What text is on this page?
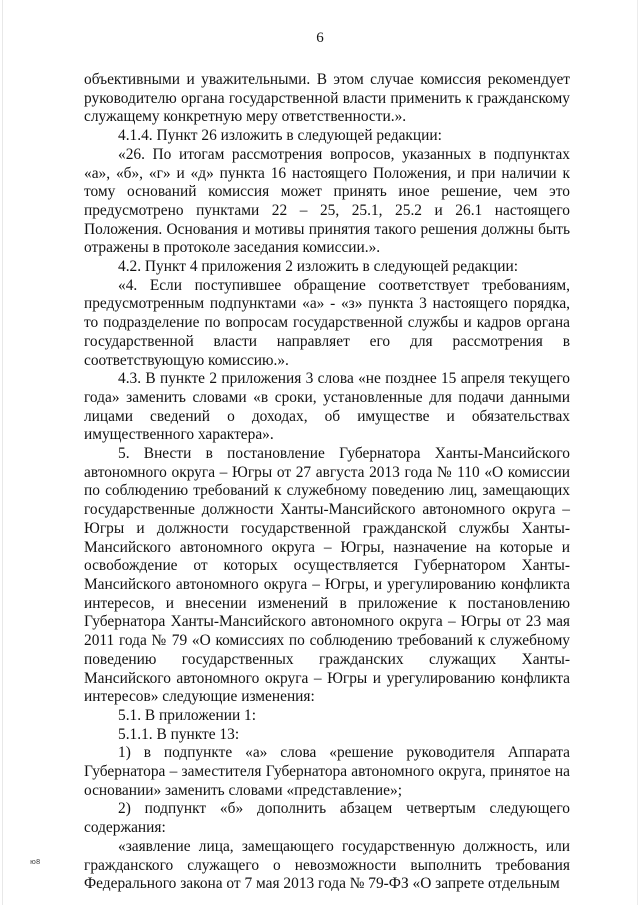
6

объективными и уважительными. В этом случае комиссия рекомендует руководителю органа государственной власти применить к гражданскому служащему конкретную меру ответственности.».

4.1.4. Пункт 26 изложить в следующей редакции:

«26. По итогам рассмотрения вопросов, указанных в подпунктах «а», «б», «г» и «д» пункта 16 настоящего Положения, и при наличии к тому оснований комиссия может принять иное решение, чем это предусмотрено пунктами 22 – 25, 25.1, 25.2 и 26.1 настоящего Положения. Основания и мотивы принятия такого решения должны быть отражены в протоколе заседания комиссии.».

4.2. Пункт 4 приложения 2 изложить в следующей редакции:

«4. Если поступившее обращение соответствует требованиям, предусмотренным подпунктами «а» - «з» пункта 3 настоящего порядка, то подразделение по вопросам государственной службы и кадров органа государственной власти направляет его для рассмотрения в соответствующую комиссию.».

4.3. В пункте 2 приложения 3 слова «не позднее 15 апреля текущего года» заменить словами «в сроки, установленные для подачи данными лицами сведений о доходах, об имуществе и обязательствах имущественного характера».

5. Внести в постановление Губернатора Ханты-Мансийского автономного округа – Югры от 27 августа 2013 года № 110 «О комиссии по соблюдению требований к служебному поведению лиц, замещающих государственные должности Ханты-Мансийского автономного округа – Югры и должности государственной гражданской службы Ханты-Мансийского автономного округа – Югры, назначение на которые и освобождение от которых осуществляется Губернатором Ханты-Мансийского автономного округа – Югры, и урегулированию конфликта интересов, и внесении изменений в приложение к постановлению Губернатора Ханты-Мансийского автономного округа – Югры от 23 мая 2011 года № 79 «О комиссиях по соблюдению требований к служебному поведению государственных гражданских служащих Ханты-Мансийского автономного округа – Югры и урегулированию конфликта интересов» следующие изменения:

5.1. В приложении 1:

5.1.1. В пункте 13:

1) в подпункте «а» слова «решение руководителя Аппарата Губернатора – заместителя Губернатора автономного округа, принятое на основании» заменить словами «представление»;

2) подпункт «б» дополнить абзацем четвертым следующего содержания:

«заявление лица, замещающего государственную должность, или гражданского служащего о невозможности выполнить требования Федерального закона от 7 мая 2013 года № 79-ФЗ «О запрете отдельным

ю8
